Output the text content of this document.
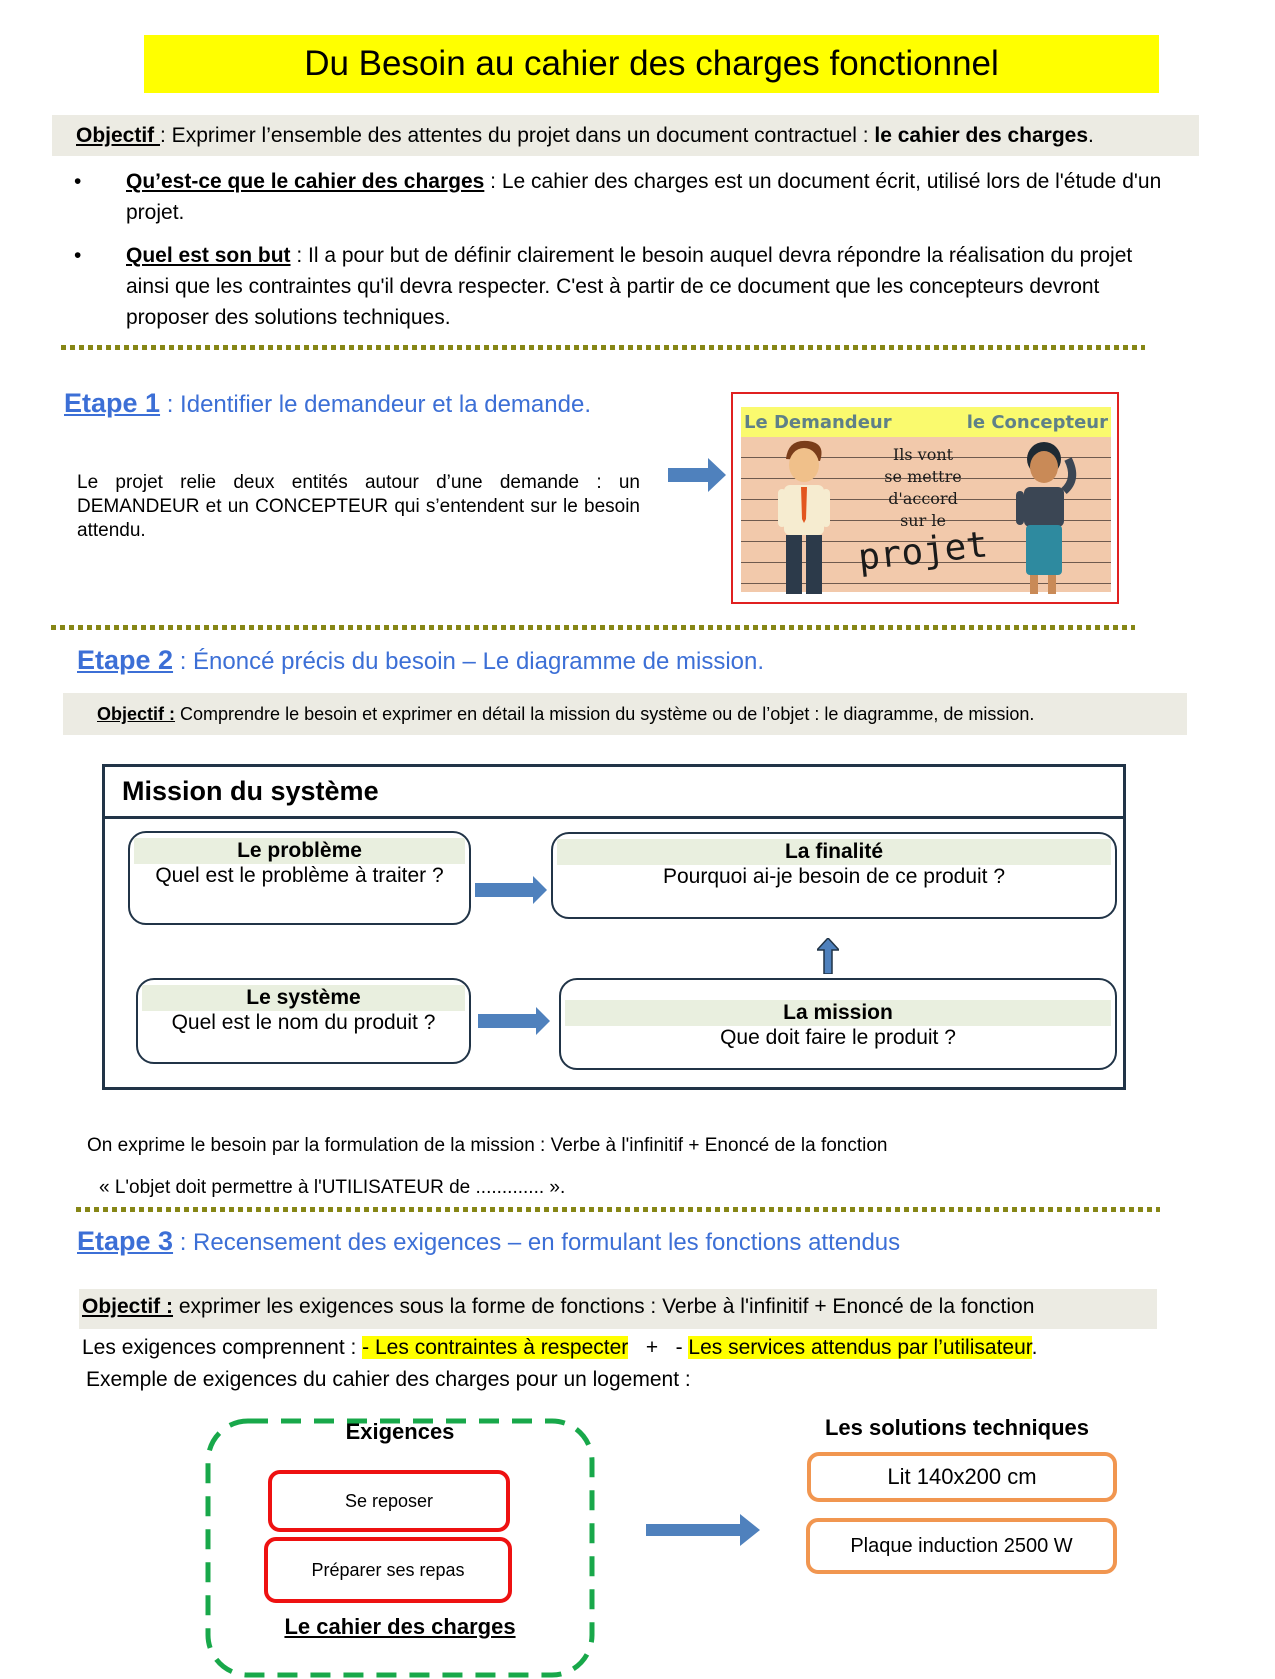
Du Besoin au cahier des charges fonctionnel
Objectif : Exprimer l’ensemble des attentes du projet dans un document contractuel : le cahier des charges.
•	Qu’est-ce que le cahier des charges : Le cahier des charges est un document écrit, utilisé lors de l'étude d'un projet.
•	Quel est son but : Il a pour but de définir clairement le besoin auquel devra répondre la réalisation du projet ainsi que les contraintes qu'il devra respecter. C'est à partir de ce document que les concepteurs devront proposer des solutions techniques.
Etape 1 : Identifier le demandeur et la demande.
Le projet relie deux entités autour d’une demande : un DEMANDEUR et un CONCEPTEUR qui s’entendent sur le besoin attendu.
Le Demandeur	le Concepteur
Ils vont
se mettre
d'accord
sur le
projet
Etape 2 : Énoncé précis du besoin – Le diagramme de mission.
Objectif : Comprendre le besoin et exprimer en détail la mission du système ou de l’objet : le diagramme, de mission.
Mission du système
Le problème
Quel est le problème à traiter ?
La finalité
Pourquoi ai-je besoin de ce produit ?
Le système
Quel est le nom du produit ?	La mission
Que doit faire le produit ?
On exprime le besoin par la formulation de la mission : Verbe à l'infinitif + Enoncé de la fonction
« L'objet doit permettre à l'UTILISATEUR de ............. ».
Etape 3 : Recensement des exigences – en formulant les fonctions attendus
Objectif : exprimer les exigences sous la forme de fonctions : Verbe à l'infinitif + Enoncé de la fonction
Les exigences comprennent : - Les contraintes à respecter   +   - Les services attendus par l’utilisateur.
Exemple de exigences du cahier des charges pour un logement :
Exigences
Se reposer
Préparer ses repas
Le cahier des charges
Les solutions techniques
Lit 140x200 cm
Plaque induction 2500 W
